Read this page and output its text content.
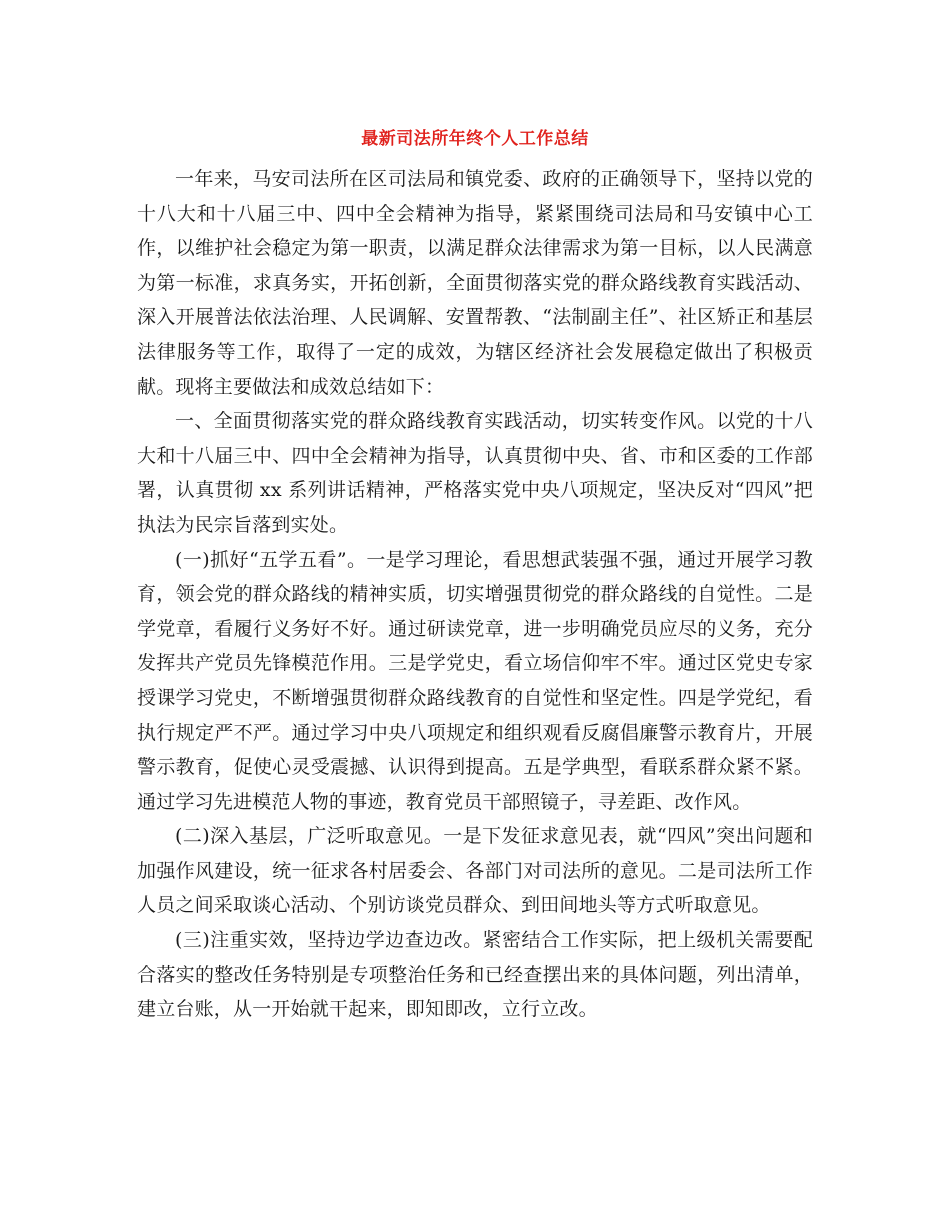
最新司法所年终个人工作总结

一年来，马安司法所在区司法局和镇党委、政府的正确领导下，坚持以党的十八大和十八届三中、四中全会精神为指导，紧紧围绕司法局和马安镇中心工作，以维护社会稳定为第一职责，以满足群众法律需求为第一目标，以人民满意为第一标准，求真务实，开拓创新，全面贯彻落实党的群众路线教育实践活动、深入开展普法依法治理、人民调解、安置帮教、“法制副主任”、社区矫正和基层法律服务等工作，取得了一定的成效，为辖区经济社会发展稳定做出了积极贡献。现将主要做法和成效总结如下：

一、全面贯彻落实党的群众路线教育实践活动，切实转变作风。以党的十八大和十八届三中、四中全会精神为指导，认真贯彻中央、省、市和区委的工作部署，认真贯彻 xx 系列讲话精神，严格落实党中央八项规定，坚决反对“四风”把执法为民宗旨落到实处。

(一)抓好“五学五看”。一是学习理论，看思想武装强不强，通过开展学习教育，领会党的群众路线的精神实质，切实增强贯彻党的群众路线的自觉性。二是学党章，看履行义务好不好。通过研读党章，进一步明确党员应尽的义务，充分发挥共产党员先锋模范作用。三是学党史，看立场信仰牢不牢。通过区党史专家授课学习党史，不断增强贯彻群众路线教育的自觉性和坚定性。四是学党纪，看执行规定严不严。通过学习中央八项规定和组织观看反腐倡廉警示教育片，开展警示教育，促使心灵受震撼、认识得到提高。五是学典型，看联系群众紧不紧。通过学习先进模范人物的事迹，教育党员干部照镜子，寻差距、改作风。

(二)深入基层，广泛听取意见。一是下发征求意见表，就“四风”突出问题和加强作风建设，统一征求各村居委会、各部门对司法所的意见。二是司法所工作人员之间采取谈心活动、个别访谈党员群众、到田间地头等方式听取意见。

(三)注重实效，坚持边学边查边改。紧密结合工作实际，把上级机关需要配合落实的整改任务特别是专项整治任务和已经查摆出来的具体问题，列出清单，建立台账，从一开始就干起来，即知即改，立行立改。
